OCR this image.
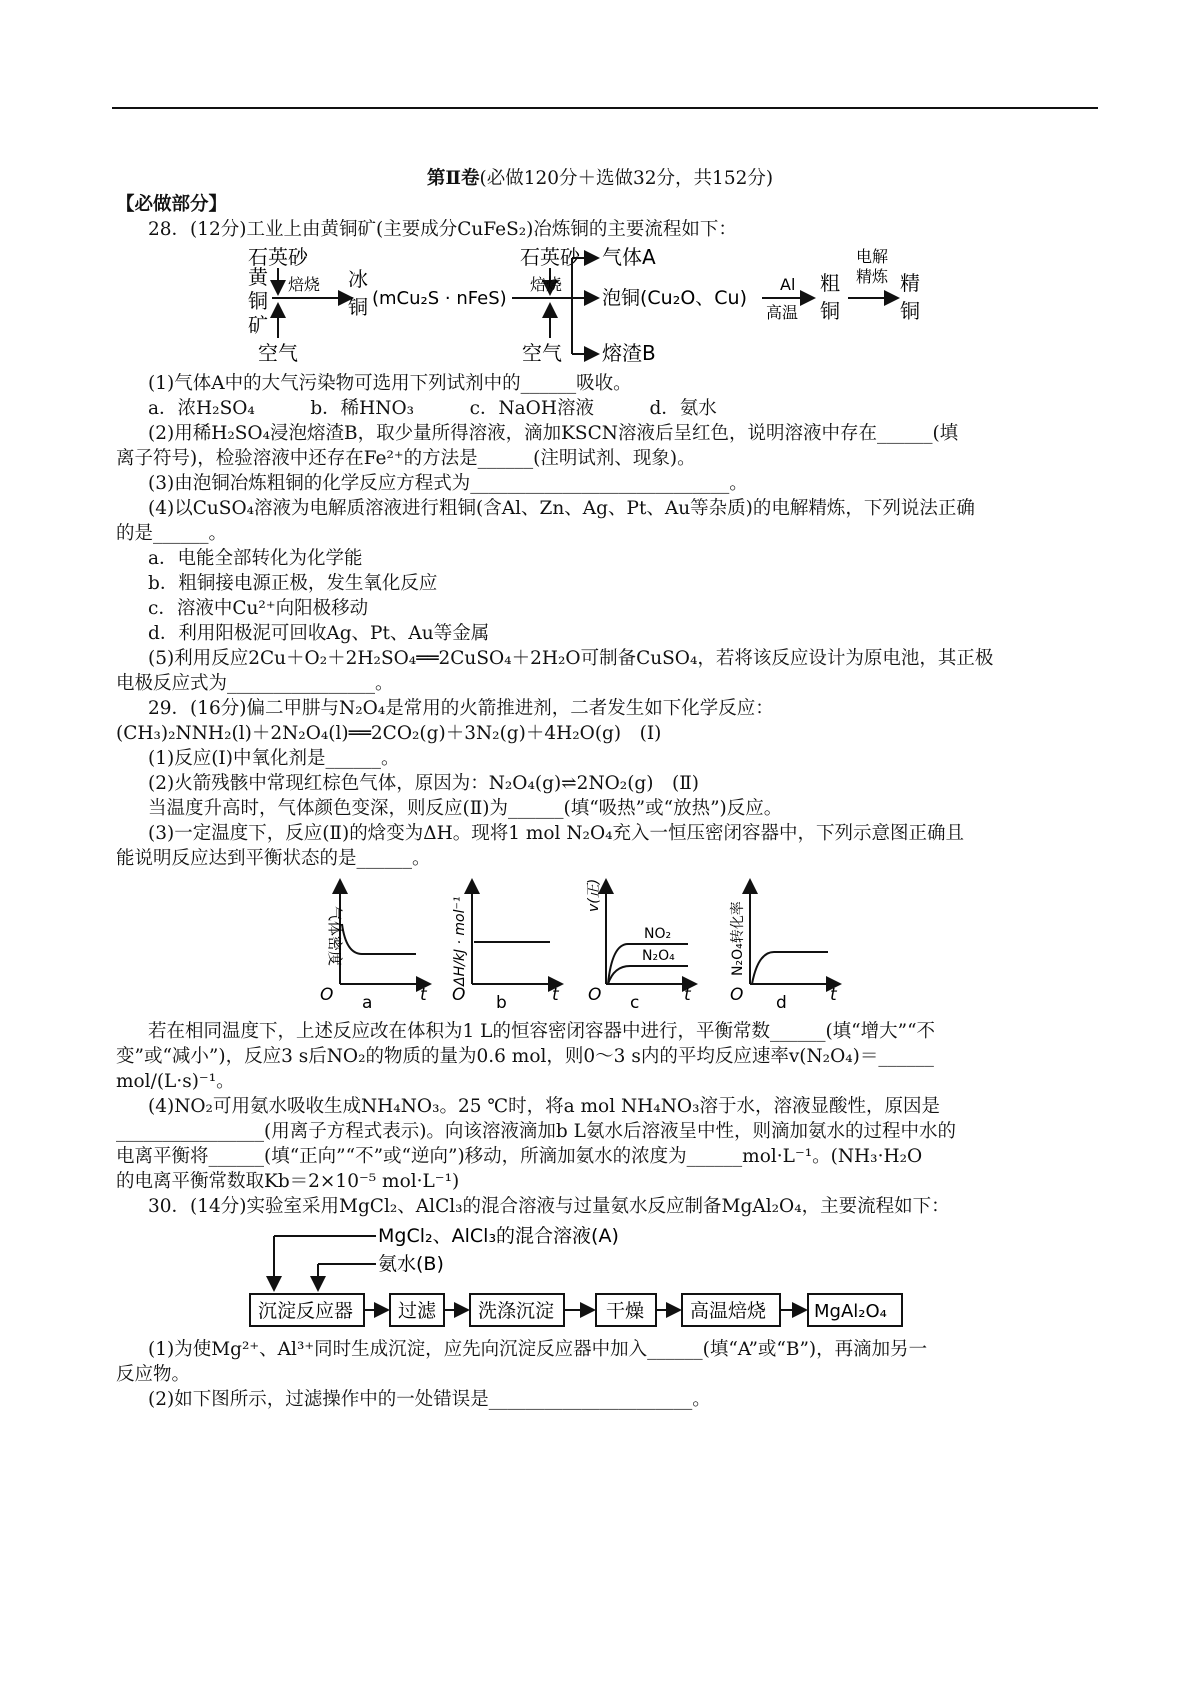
第Ⅱ卷(必做120分＋选做32分，共152分)
【必做部分】
28．(12分)工业上由黄铜矿(主要成分CuFeS₂)冶炼铜的主要流程如下：
石英砂
黄
铜
矿
焙烧
空气
冰
铜 (mCu₂S · nFeS)
石英砂
焙烧
空气
气体A
泡铜(Cu₂O、Cu)
熔渣B
Al
高温
粗
铜
电解
精炼 精
铜
(1)气体A中的大气污染物可选用下列试剂中的______吸收。
a．浓H₂SO₄　　　b．稀HNO₃　　　c．NaOH溶液　　　d．氨水
(2)用稀H₂SO₄浸泡熔渣B，取少量所得溶液，滴加KSCN溶液后呈红色，说明溶液中存在______(填
离子符号)，检验溶液中还存在Fe²⁺的方法是______(注明试剂、现象)。
(3)由泡铜冶炼粗铜的化学反应方程式为____________________________。
(4)以CuSO₄溶液为电解质溶液进行粗铜(含Al、Zn、Ag、Pt、Au等杂质)的电解精炼，下列说法正确
的是______。
a．电能全部转化为化学能
b．粗铜接电源正极，发生氧化反应
c．溶液中Cu²⁺向阳极移动
d．利用阳极泥可回收Ag、Pt、Au等金属
(5)利用反应2Cu＋O₂＋2H₂SO₄══2CuSO₄＋2H₂O可制备CuSO₄，若将该反应设计为原电池，其正极
电极反应式为________________。
29．(16分)偏二甲肼与N₂O₄是常用的火箭推进剂，二者发生如下化学反应：
(CH₃)₂NNH₂(l)＋2N₂O₄(l)══2CO₂(g)＋3N₂(g)＋4H₂O(g)　(Ⅰ)
(1)反应(Ⅰ)中氧化剂是______。
(2)火箭残骸中常现红棕色气体，原因为：N₂O₄(g)⇌2NO₂(g)　(Ⅱ)
当温度升高时，气体颜色变深，则反应(Ⅱ)为______(填“吸热”或“放热”)反应。
(3)一定温度下，反应(Ⅱ)的焓变为ΔH。现将1 mol N₂O₄充入一恒压密闭容器中，下列示意图正确且
能说明反应达到平衡状态的是______。
气体密度
O	t
a
ΔH/kJ · mol⁻¹
O	t
b
v(正)
NO₂
N₂O₄
O	t
c
N₂O₄转化率
O	t
d
若在相同温度下，上述反应改在体积为1 L的恒容密闭容器中进行，平衡常数______(填“增大”“不
变”或“减小”)，反应3 s后NO₂的物质的量为0.6 mol，则0～3 s内的平均反应速率v(N₂O₄)＝______
mol/(L·s)⁻¹。
(4)NO₂可用氨水吸收生成NH₄NO₃。25 ℃时，将a mol NH₄NO₃溶于水，溶液显酸性，原因是
________________(用离子方程式表示)。向该溶液滴加b L氨水后溶液呈中性，则滴加氨水的过程中水的
电离平衡将______(填“正向”“不”或“逆向”)移动，所滴加氨水的浓度为______mol·L⁻¹。(NH₃·H₂O
的电离平衡常数取Kb＝2×10⁻⁵ mol·L⁻¹)
30．(14分)实验室采用MgCl₂、AlCl₃的混合溶液与过量氨水反应制备MgAl₂O₄，主要流程如下：
MgCl₂、AlCl₃的混合溶液(A)
氨水(B)
沉淀反应器 过滤 洗涤沉淀	干燥 高温焙烧	MgAl₂O₄
(1)为使Mg²⁺、Al³⁺同时生成沉淀，应先向沉淀反应器中加入______(填“A”或“B”)，再滴加另一
反应物。
(2)如下图所示，过滤操作中的一处错误是______________________。
